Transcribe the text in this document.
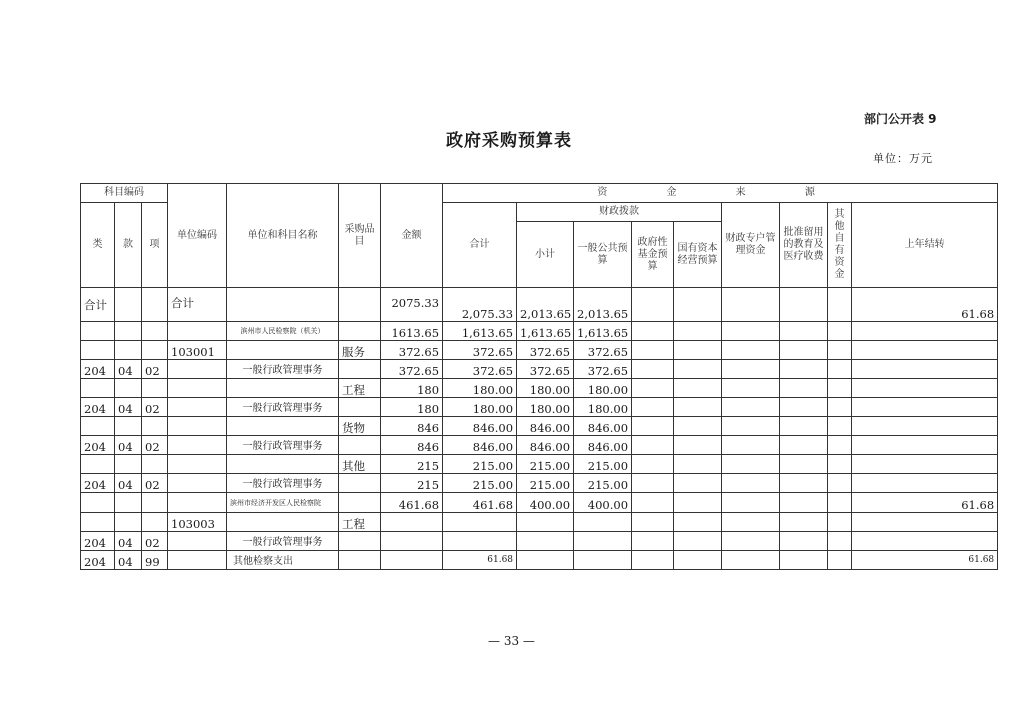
部门公开表 9
政府采购预算表
单位：万元
科目编码			单位编码	单位和科目名称	采购品目	金额	资 金 来 源								
类	款	项					合计	财政拨款				财政专户管理资金	批准留用的教育及医疗收费	其他自有资金	上年结转
								小计	一般公共预算	政府性基金预算	国有资本经营预算				
合计			合计			2075.33	2,075.33	2,013.65	2,013.65						61.68
				滨州市人民检察院（机关）		1613.65	1,613.65	1,613.65	1,613.65						
			103001		服务	372.65	372.65	372.65	372.65						
204	04	02		一般行政管理事务		372.65	372.65	372.65	372.65						
					工程	180	180.00	180.00	180.00						
204	04	02		一般行政管理事务		180	180.00	180.00	180.00						
					货物	846	846.00	846.00	846.00						
204	04	02		一般行政管理事务		846	846.00	846.00	846.00						
					其他	215	215.00	215.00	215.00						
204	04	02		一般行政管理事务		215	215.00	215.00	215.00						
				滨州市经济开发区人民检察院		461.68	461.68	400.00	400.00						61.68
			103003		工程										
204	04	02		一般行政管理事务											
204	04	99		其他检察支出			61.68								61.68
— 33 —
